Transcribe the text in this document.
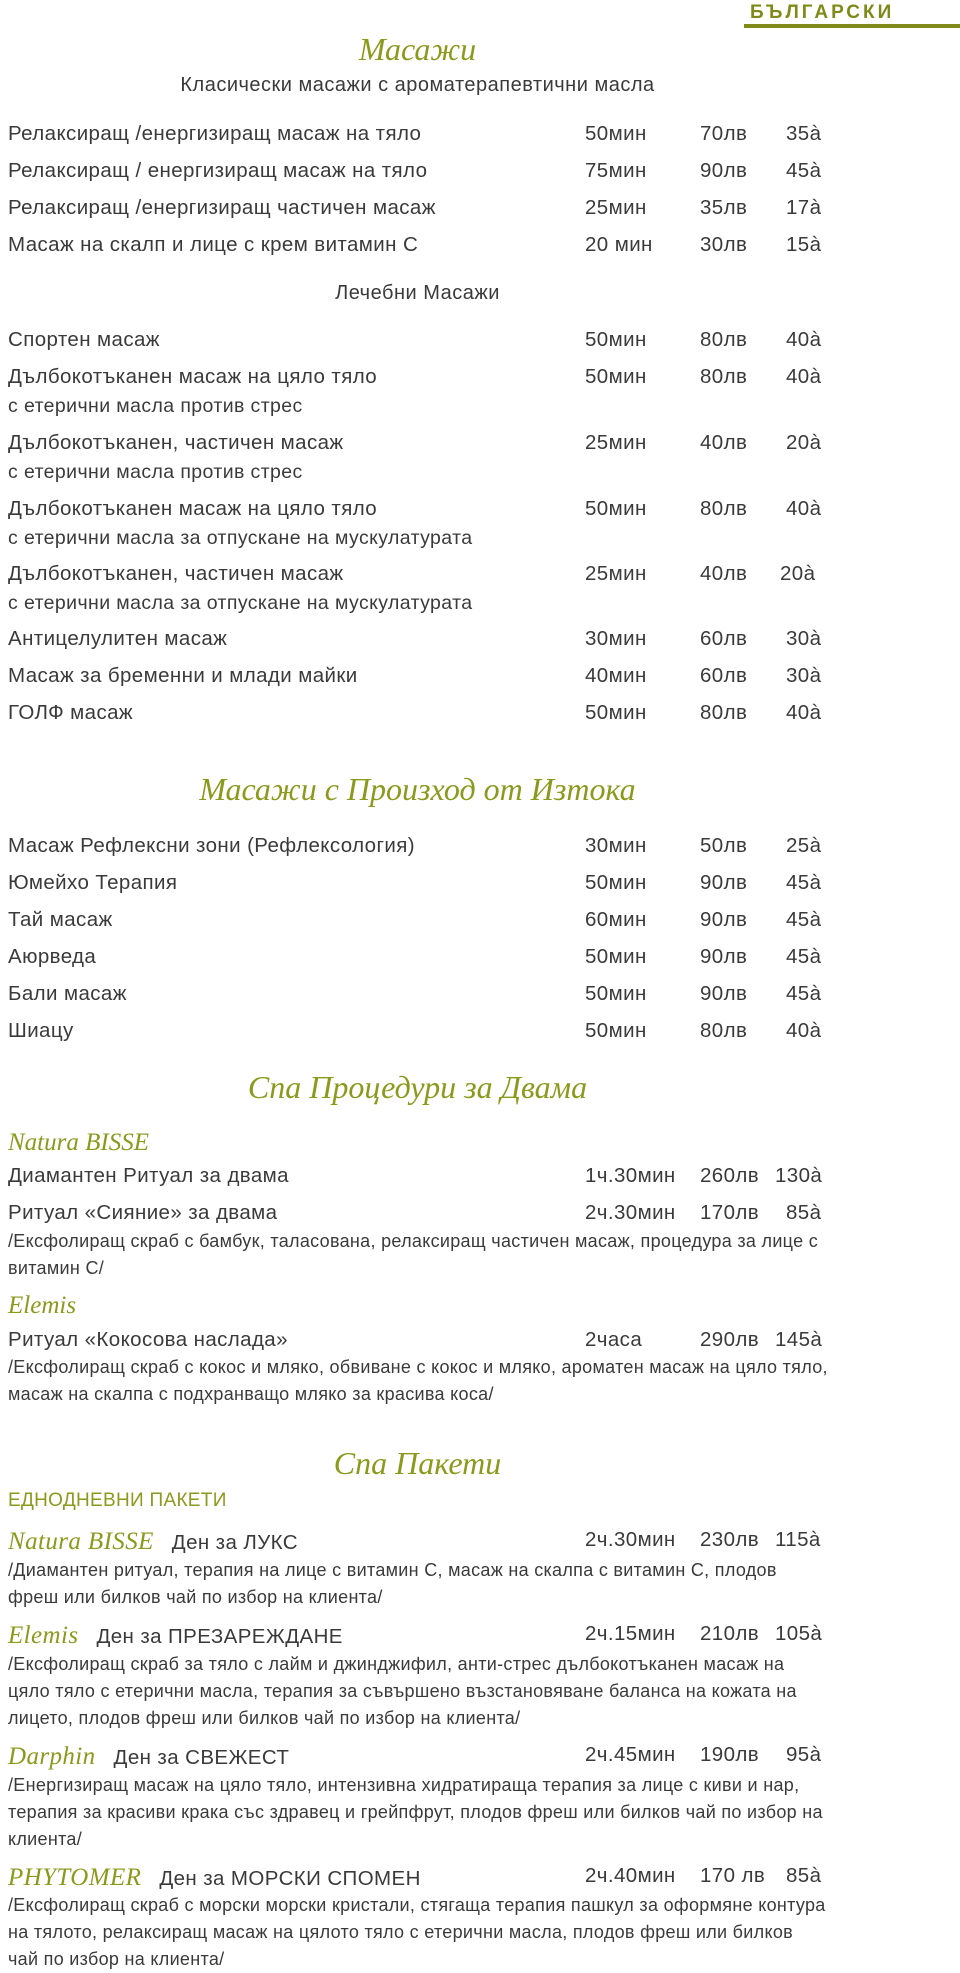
БЪЛГАРСКИ
Масажи
Класически масажи с ароматерапевтични масла
Релаксиращ /енергизиращ масаж на тяло	50мин	70лв 35à
Релаксиращ / енергизиращ масаж на тяло	75мин	90лв 45à
Релаксиращ /енергизиращ частичен масаж	25мин	35лв 17à
Масаж на скалп и лице с крем витамин С	20 мин 30лв 15à
Лечебни Масажи
Спортен масаж	50мин	80лв 40à
Дълбокотъканен масаж на цяло тяло	50мин	80лв 40à
с етерични масла против стрес
Дълбокотъканен, частичен масаж	25мин	40лв 20à
с етерични масла против стрес
Дълбокотъканен масаж на цяло тяло	50мин	80лв 40à
с етерични масла за отпускане на мускулатурата
Дълбокотъканен, частичен масаж	25мин	40лв 20à
с етерични масла за отпускане на мускулатурата
Антицелулитен масаж	30мин	60лв 30à
Масаж за бременни и млади майки	40мин	60лв 30à
ГОЛФ масаж	50мин	80лв 40à
Масажи с Произход от Изтока
Масаж Рефлексни зони (Рефлексология)	30мин	50лв 25à
Юмейхо Терапия	50мин	90лв 45à
Тай масаж	60мин	90лв 45à
Аюрведа	50мин	90лв 45à
Бали масаж	50мин	90лв 45à
Шиацу	50мин	80лв 40à
Спа Процедури за Двама
Natura BISSE
Диамантен Ритуал за двама	1ч.30мин 260лв 130à
Ритуал «Сияние» за двама	2ч.30мин 170лв 85à
/Ексфолиращ скраб с бамбук, таласована, релаксиращ частичен масаж, процедура за лице с витамин С/
Elemis
Ритуал «Кокосова наслада»	2часа	290лв 145à
/Ексфолиращ скраб с кокос и мляко, обвиване с кокос и мляко, ароматен масаж на цяло тяло, масаж на скалпа с подхранващо мляко за красива коса/
Спа Пакети
ЕДНОДНЕВНИ ПАКЕТИ
Natura BISSE Ден за ЛУКС	2ч.30мин 230лв 115à
/Диамантен ритуал, терапия на лице с витамин С, масаж на скалпа с витамин С, плодов фреш или билков чай по избор на клиента/
Elemis Ден за ПРЕЗАРЕЖДАНЕ	2ч.15мин 210лв 105à
/Ексфолиращ скраб за тяло с лайм и джинджифил, анти-стрес дълбокотъканен масаж на цяло тяло с етерични масла, терапия за съвършено възстановяване баланса на кожата на лицето, плодов фреш или билков чай по избор на клиента/
Darphin Ден за СВЕЖЕСТ	2ч.45мин 190лв 95à
/Енергизиращ масаж на цяло тяло, интензивна хидратираща терапия за лице с киви и нар, терапия за красиви крака със здравец и грейпфрут, плодов фреш или билков чай по избор на клиента/
PHYTOMER Ден за МОРСКИ СПОМЕН	2ч.40мин 170 лв 85à
/Ексфолиращ скраб с морски морски кристали, стягаща терапия пашкул за оформяне контура на тялото, релаксиращ масаж на цялото тяло с етерични масла, плодов фреш или билков чай по избор на клиента/
